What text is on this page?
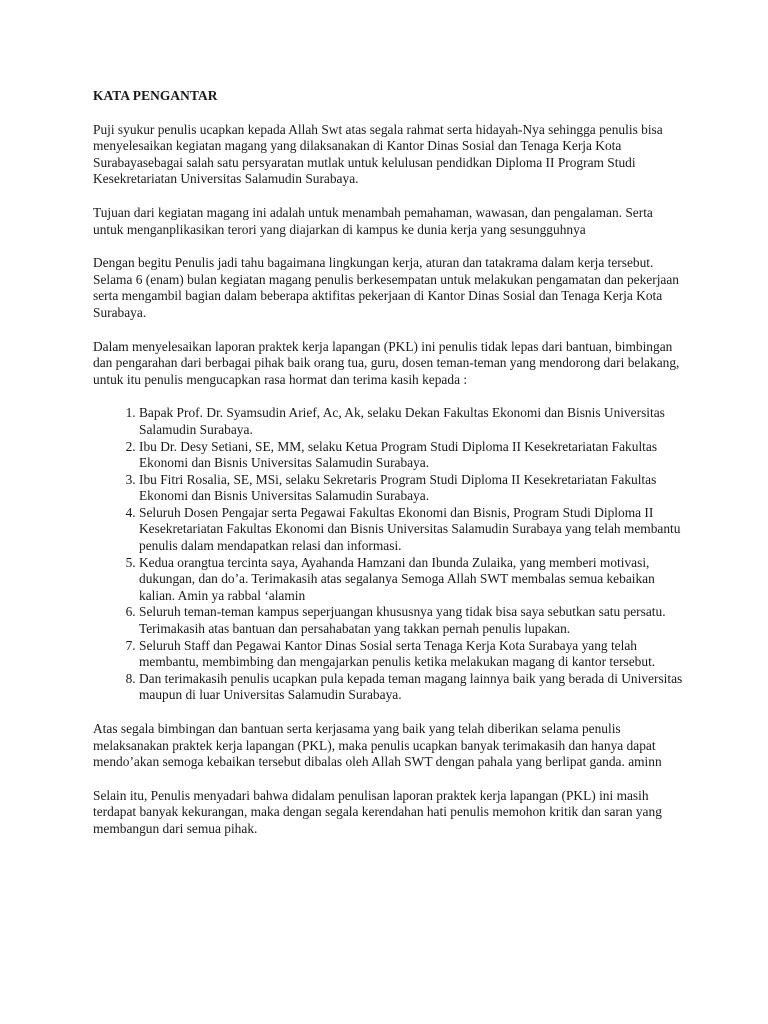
KATA PENGANTAR

Puji syukur penulis ucapkan kepada Allah Swt atas segala rahmat serta hidayah-Nya sehingga penulis bisa menyelesaikan kegiatan magang yang dilaksanakan di Kantor Dinas Sosial dan Tenaga Kerja Kota Surabayasebagai salah satu persyaratan mutlak untuk kelulusan pendidkan Diploma II Program Studi Kesekretariatan Universitas Salamudin Surabaya.

Tujuan dari kegiatan magang ini adalah untuk menambah pemahaman, wawasan, dan pengalaman. Serta untuk menganplikasikan terori yang diajarkan di kampus ke dunia kerja yang sesungguhnya

Dengan begitu Penulis jadi tahu bagaimana lingkungan kerja, aturan dan tatakrama dalam kerja tersebut. Selama 6 (enam) bulan kegiatan magang penulis berkesempatan untuk melakukan pengamatan dan pekerjaan serta mengambil bagian dalam beberapa aktifitas pekerjaan di Kantor Dinas Sosial dan Tenaga Kerja Kota Surabaya.

Dalam menyelesaikan laporan praktek kerja lapangan (PKL) ini penulis tidak lepas dari bantuan, bimbingan dan pengarahan dari berbagai pihak baik orang tua, guru, dosen teman-teman yang mendorong dari belakang, untuk itu penulis mengucapkan rasa hormat dan terima kasih kepada :

1. Bapak Prof. Dr. Syamsudin Arief, Ac, Ak, selaku Dekan Fakultas Ekonomi dan Bisnis Universitas Salamudin Surabaya.
2. Ibu Dr. Desy Setiani, SE, MM, selaku Ketua Program Studi Diploma II Kesekretariatan Fakultas Ekonomi dan Bisnis Universitas Salamudin Surabaya.
3. Ibu Fitri Rosalia, SE, MSi, selaku Sekretaris Program Studi Diploma II Kesekretariatan Fakultas Ekonomi dan Bisnis Universitas Salamudin Surabaya.
4. Seluruh Dosen Pengajar serta Pegawai Fakultas Ekonomi dan Bisnis, Program Studi Diploma II Kesekretariatan Fakultas Ekonomi dan Bisnis Universitas Salamudin Surabaya yang telah membantu penulis dalam mendapatkan relasi dan informasi.
5. Kedua orangtua tercinta saya, Ayahanda Hamzani dan Ibunda Zulaika, yang memberi motivasi, dukungan, dan do’a. Terimakasih atas segalanya Semoga Allah SWT membalas semua kebaikan kalian. Amin ya rabbal ‘alamin
6. Seluruh teman-teman kampus seperjuangan khususnya yang tidak bisa saya sebutkan satu persatu. Terimakasih atas bantuan dan persahabatan yang takkan pernah penulis lupakan.
7. Seluruh Staff dan Pegawai Kantor Dinas Sosial serta Tenaga Kerja Kota Surabaya yang telah membantu, membimbing dan mengajarkan penulis ketika melakukan magang di kantor tersebut.
8. Dan terimakasih penulis ucapkan pula kepada teman magang lainnya baik yang berada di Universitas maupun di luar Universitas Salamudin Surabaya.

Atas segala bimbingan dan bantuan serta kerjasama yang baik yang telah diberikan selama penulis melaksanakan praktek kerja lapangan (PKL), maka penulis ucapkan banyak terimakasih dan hanya dapat mendo’akan semoga kebaikan tersebut dibalas oleh Allah SWT dengan pahala yang berlipat ganda. aminn

Selain itu, Penulis menyadari bahwa didalam penulisan laporan praktek kerja lapangan (PKL) ini masih terdapat banyak kekurangan, maka dengan segala kerendahan hati penulis memohon kritik dan saran yang membangun dari semua pihak.
